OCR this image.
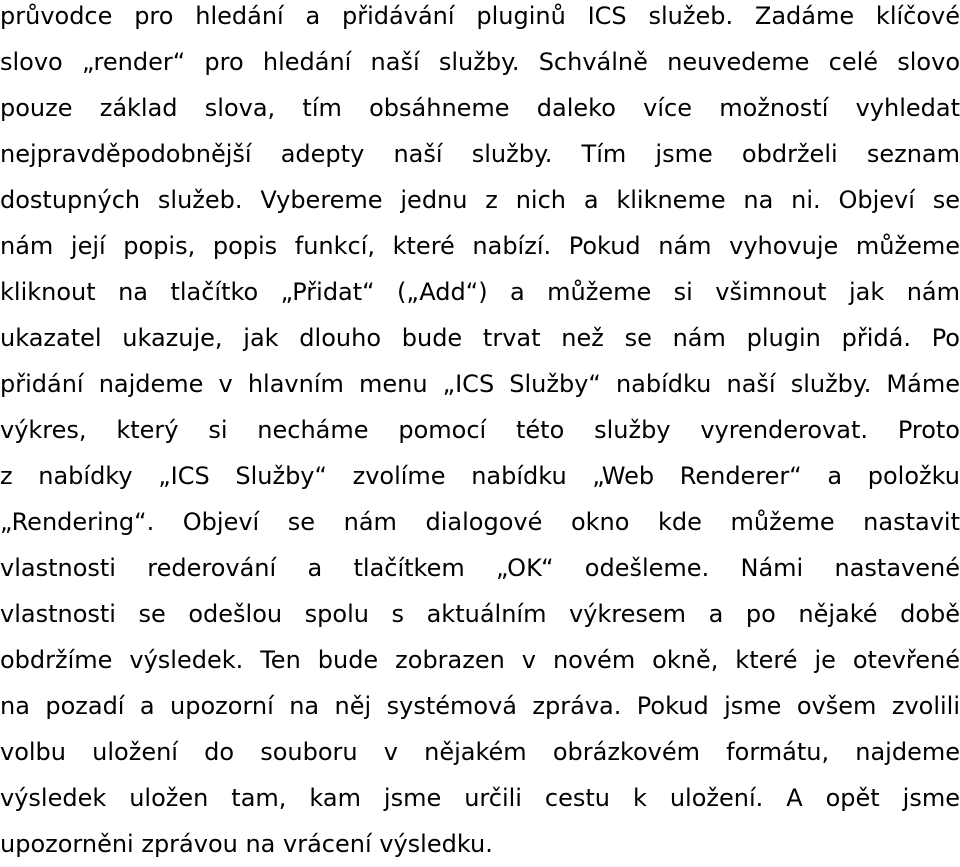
průvodce pro hledání a přidávání pluginů ICS služeb. Zadáme klíčové
slovo „render“ pro hledání naší služby. Schválně neuvedeme celé slovo
pouze základ slova, tím obsáhneme daleko více možností vyhledat
nejpravděpodobnější adepty naší služby. Tím jsme obdrželi seznam
dostupných služeb. Vybereme jednu z nich a klikneme na ni. Objeví se
nám její popis, popis funkcí, které nabízí. Pokud nám vyhovuje můžeme
kliknout na tlačítko „Přidat“ („Add“) a můžeme si všimnout jak nám
ukazatel ukazuje, jak dlouho bude trvat než se nám plugin přidá. Po
přidání najdeme v hlavním menu „ICS Služby“ nabídku naší služby. Máme
výkres, který si necháme pomocí této služby vyrenderovat. Proto
z nabídky „ICS Služby“ zvolíme nabídku „Web Renderer“ a položku
„Rendering“. Objeví se nám dialogové okno kde můžeme nastavit
vlastnosti rederování a tlačítkem „OK“ odešleme. Námi nastavené
vlastnosti se odešlou spolu s aktuálním výkresem a po nějaké době
obdržíme výsledek. Ten bude zobrazen v novém okně, které je otevřené
na pozadí a upozorní na něj systémová zpráva. Pokud jsme ovšem zvolili
volbu uložení do souboru v nějakém obrázkovém formátu, najdeme
výsledek uložen tam, kam jsme určili cestu k uložení. A opět jsme
upozorněni zprávou na vrácení výsledku.
